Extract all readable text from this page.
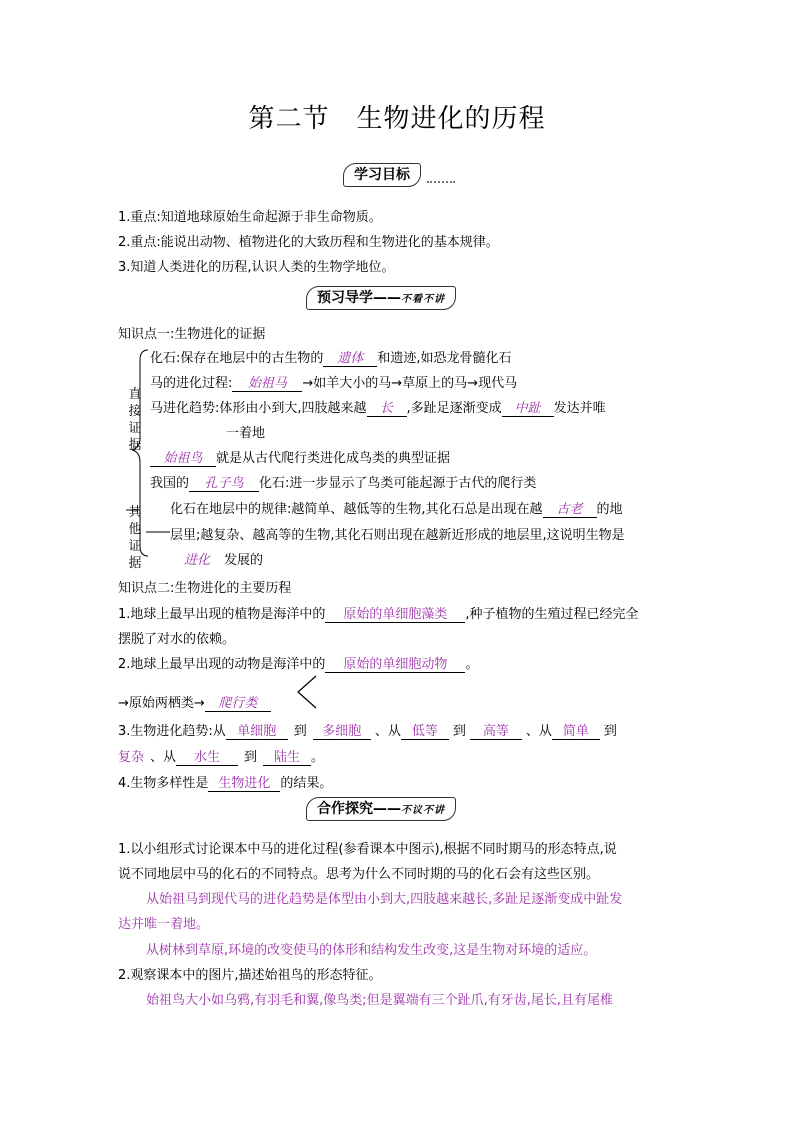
第二节　生物进化的历程
学习目标
1.重点:知道地球原始生命起源于非生命物质。
2.重点:能说出动物、植物进化的大致历程和生物进化的基本规律。
3.知道人类进化的历程,认识人类的生物学地位。
预习导学——不看不讲
知识点一:生物进化的证据
直
接
证
据
其
他
证
据
化石:保存在地层中的古生物的 遗体 和遗迹,如恐龙骨髓化石
马的进化过程: 始祖马 →如羊大小的马→草原上的马→现代马
马进化趋势:体形由小到大,四肢越来越 长 ,多趾足逐渐变成 中趾 发达并唯
一着地
始祖鸟 就是从古代爬行类进化成鸟类的典型证据
我国的 孔子鸟 化石:进一步显示了鸟类可能起源于古代的爬行类
化石在地层中的规律:越简单、越低等的生物,其化石总是出现在越 古老 的地
层里;越复杂、越高等的生物,其化石则出现在越新近形成的地层里,这说明生物是
进化 发展的
知识点二:生物进化的主要历程
1.地球上最早出现的植物是海洋中的 原始的单细胞藻类 ,种子植物的生殖过程已经完全
摆脱了对水的依赖。
2.地球上最早出现的动物是海洋中的 原始的单细胞动物 。
→原始两栖类→ 爬行类
3.生物进化趋势:从 单细胞 到 多细胞 、从 低等 到 高等 、从 简单 到
复杂 、从 水生 到 陆生 。
4.生物多样性是 生物进化 的结果。
合作探究——不议不讲
1.以小组形式讨论课本中马的进化过程(参看课本中图示),根据不同时期马的形态特点,说
说不同地层中马的化石的不同特点。思考为什么不同时期的马的化石会有这些区别。
从始祖马到现代马的进化趋势是体型由小到大,四肢越来越长,多趾足逐渐变成中趾发
达并唯一着地。
从树林到草原,环境的改变使马的体形和结构发生改变,这是生物对环境的适应。
2.观察课本中的图片,描述始祖鸟的形态特征。
始祖鸟大小如乌鸦,有羽毛和翼,像鸟类;但是翼端有三个趾爪,有牙齿,尾长,且有尾椎
